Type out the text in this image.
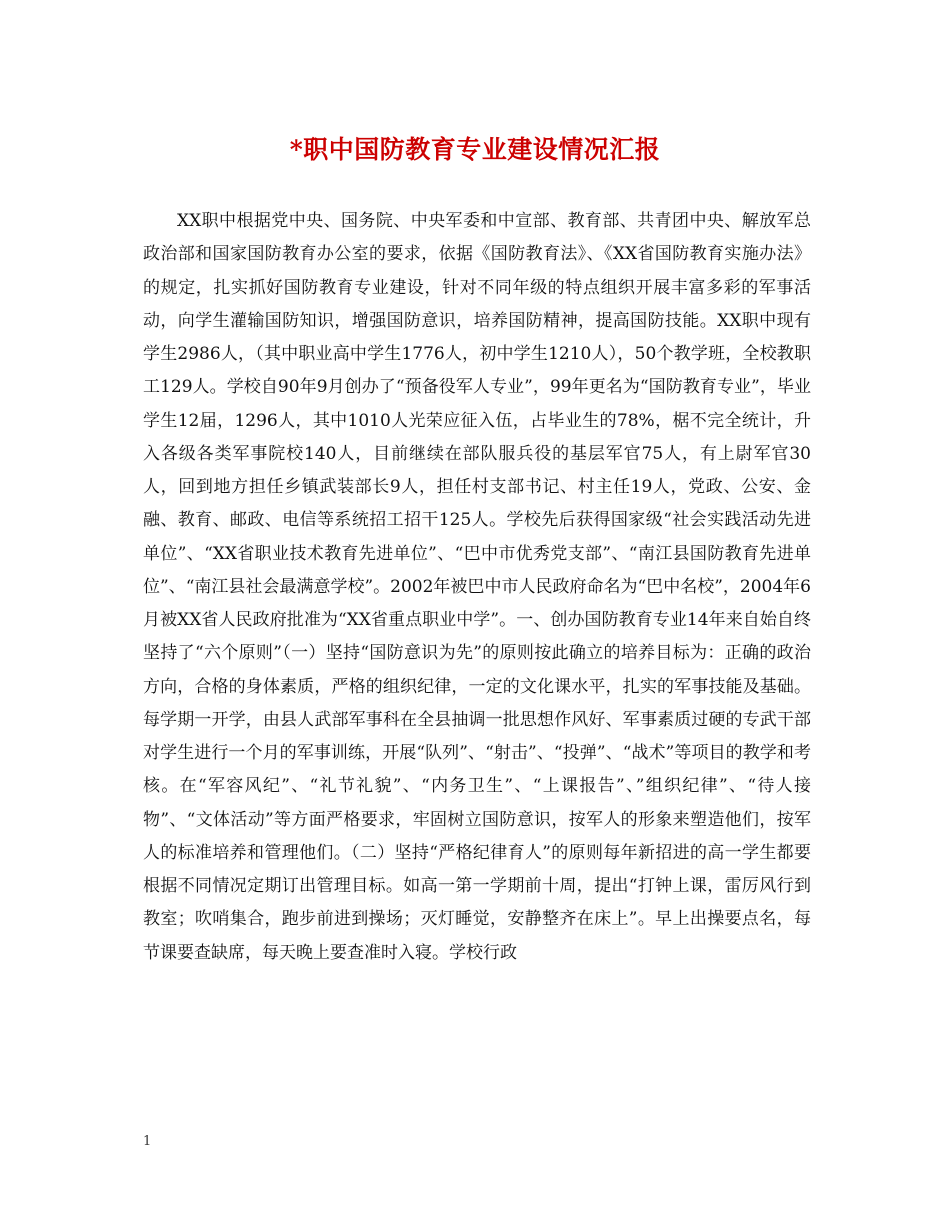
*职中国防教育专业建设情况汇报

XX职中根据党中央、国务院、中央军委和中宣部、教育部、共青团中央、解放军总政治部和国家国防教育办公室的要求，依据《国防教育法》、《XX省国防教育实施办法》的规定，扎实抓好国防教育专业建设，针对不同年级的特点组织开展丰富多彩的军事活动，向学生灌输国防知识，增强国防意识，培养国防精神，提高国防技能。XX职中现有学生2986人，（其中职业高中学生1776人，初中学生1210人），50个教学班，全校教职工129人。学校自90年9月创办了“预备役军人专业”，99年更名为“国防教育专业”，毕业学生12届，1296人，其中1010人光荣应征入伍，占毕业生的78%，椐不完全统计，升入各级各类军事院校140人，目前继续在部队服兵役的基层军官75人，有上尉军官30人，回到地方担任乡镇武装部长9人，担任村支部书记、村主任19人，党政、公安、金融、教育、邮政、电信等系统招工招干125人。学校先后获得国家级“社会实践活动先进单位”、“XX省职业技术教育先进单位”、“巴中市优秀党支部”、“南江县国防教育先进单位”、“南江县社会最满意学校”。2002年被巴中市人民政府命名为“巴中名校”，2004年6月被XX省人民政府批准为“XX省重点职业中学”。一、创办国防教育专业14年来自始自终坚持了“六个原则”（一）坚持“国防意识为先”的原则按此确立的培养目标为：正确的政治方向，合格的身体素质，严格的组织纪律，一定的文化课水平，扎实的军事技能及基础。每学期一开学，由县人武部军事科在全县抽调一批思想作风好、军事素质过硬的专武干部对学生进行一个月的军事训练，开展“队列”、“射击”、“投弹”、“战术”等项目的教学和考核。在“军容风纪”、“礼节礼貌”、“内务卫生”、“上课报告”、”组织纪律”、“待人接物”、“文体活动”等方面严格要求，牢固树立国防意识，按军人的形象来塑造他们，按军人的标准培养和管理他们。（二）坚持“严格纪律育人”的原则每年新招进的高一学生都要根据不同情况定期订出管理目标。如高一第一学期前十周，提出“打钟上课，雷厉风行到教室；吹哨集合，跑步前进到操场；灭灯睡觉，安静整齐在床上”。早上出操要点名，每节课要查缺席，每天晚上要查准时入寝。学校行政

1
